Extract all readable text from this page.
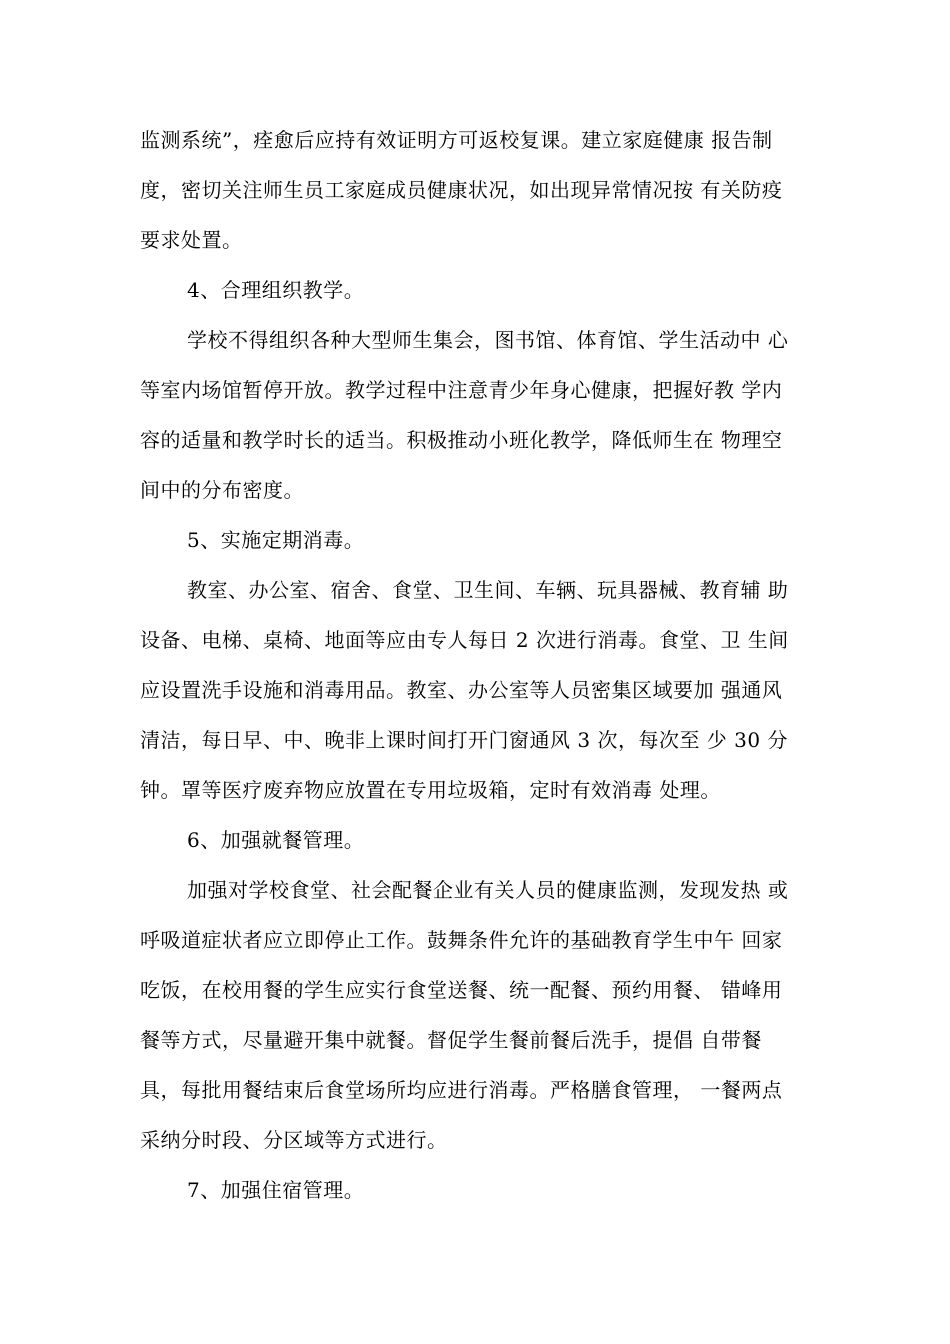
监测系统”，痊愈后应持有效证明方可返校复课。建立家庭健康 报告制
度，密切关注师生员工家庭成员健康状况，如出现异常情况按 有关防疫
要求处置。
4、合理组织教学。
学校不得组织各种大型师生集会，图书馆、体育馆、学生活动中 心
等室内场馆暂停开放。教学过程中注意青少年身心健康，把握好教 学内
容的适量和教学时长的适当。积极推动小班化教学，降低师生在 物理空
间中的分布密度。
5、实施定期消毒。
教室、办公室、宿舍、食堂、卫生间、车辆、玩具器械、教育辅 助
设备、电梯、桌椅、地面等应由专人每日 2 次进行消毒。食堂、卫 生间
应设置洗手设施和消毒用品。教室、办公室等人员密集区域要加 强通风
清洁，每日早、中、晚非上课时间打开门窗通风 3 次，每次至 少 30 分
钟。罩等医疗废弃物应放置在专用垃圾箱，定时有效消毒 处理。
6、加强就餐管理。
加强对学校食堂、社会配餐企业有关人员的健康监测，发现发热 或
呼吸道症状者应立即停止工作。鼓舞条件允许的基础教育学生中午 回家
吃饭，在校用餐的学生应实行食堂送餐、统一配餐、预约用餐、 错峰用
餐等方式，尽量避开集中就餐。督促学生餐前餐后洗手，提倡 自带餐
具，每批用餐结束后食堂场所均应进行消毒。严格膳食管理， 一餐两点
采纳分时段、分区域等方式进行。
7、加强住宿管理。
